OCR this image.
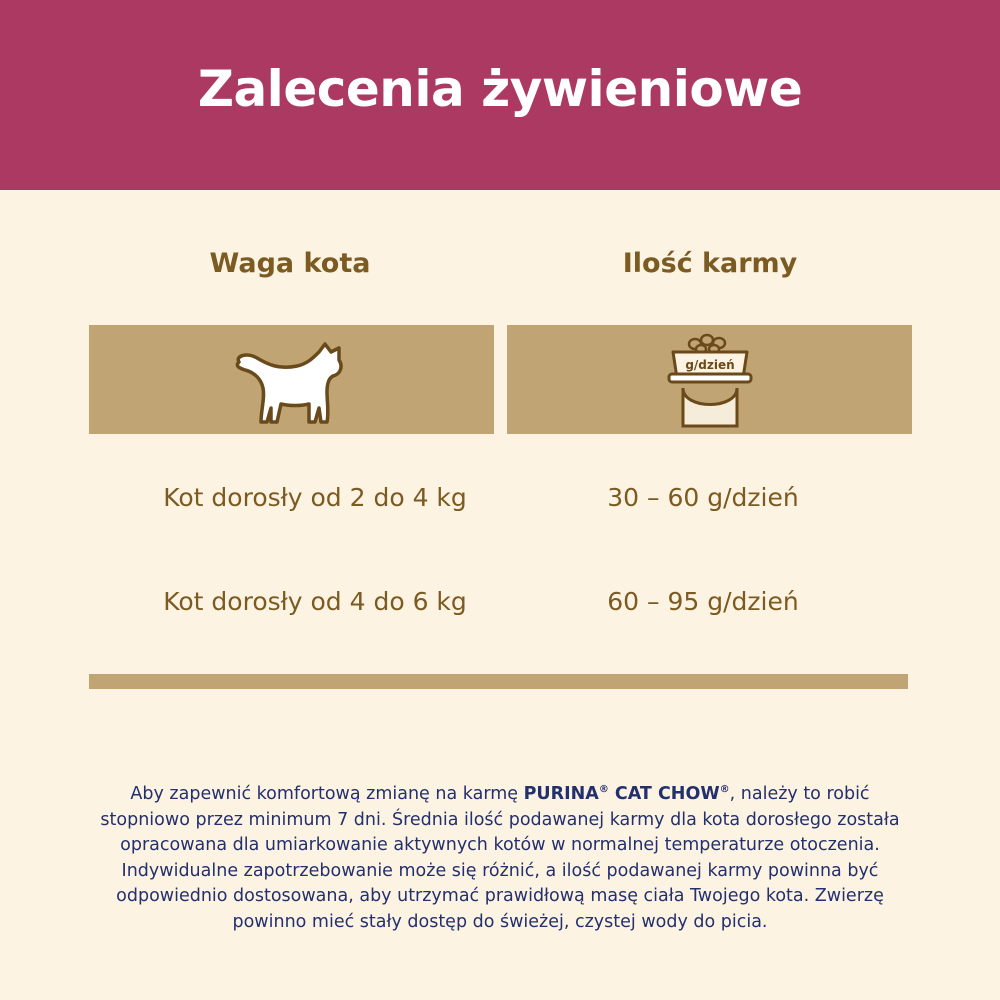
Zalecenia żywieniowe
Waga kota	Ilość karmy
g/dzień
Kot dorosły od 2 do 4 kg	30 – 60 g/dzień
Kot dorosły od 4 do 6 kg	60 – 95 g/dzień
Aby zapewnić komfortową zmianę na karmę PURINA® CAT CHOW®, należy to robić stopniowo przez minimum 7 dni. Średnia ilość podawanej karmy dla kota dorosłego została opracowana dla umiarkowanie aktywnych kotów w normalnej temperaturze otoczenia. Indywidualne zapotrzebowanie może się różnić, a ilość podawanej karmy powinna być odpowiednio dostosowana, aby utrzymać prawidłową masę ciała Twojego kota. Zwierzę powinno mieć stały dostęp do świeżej, czystej wody do picia.
